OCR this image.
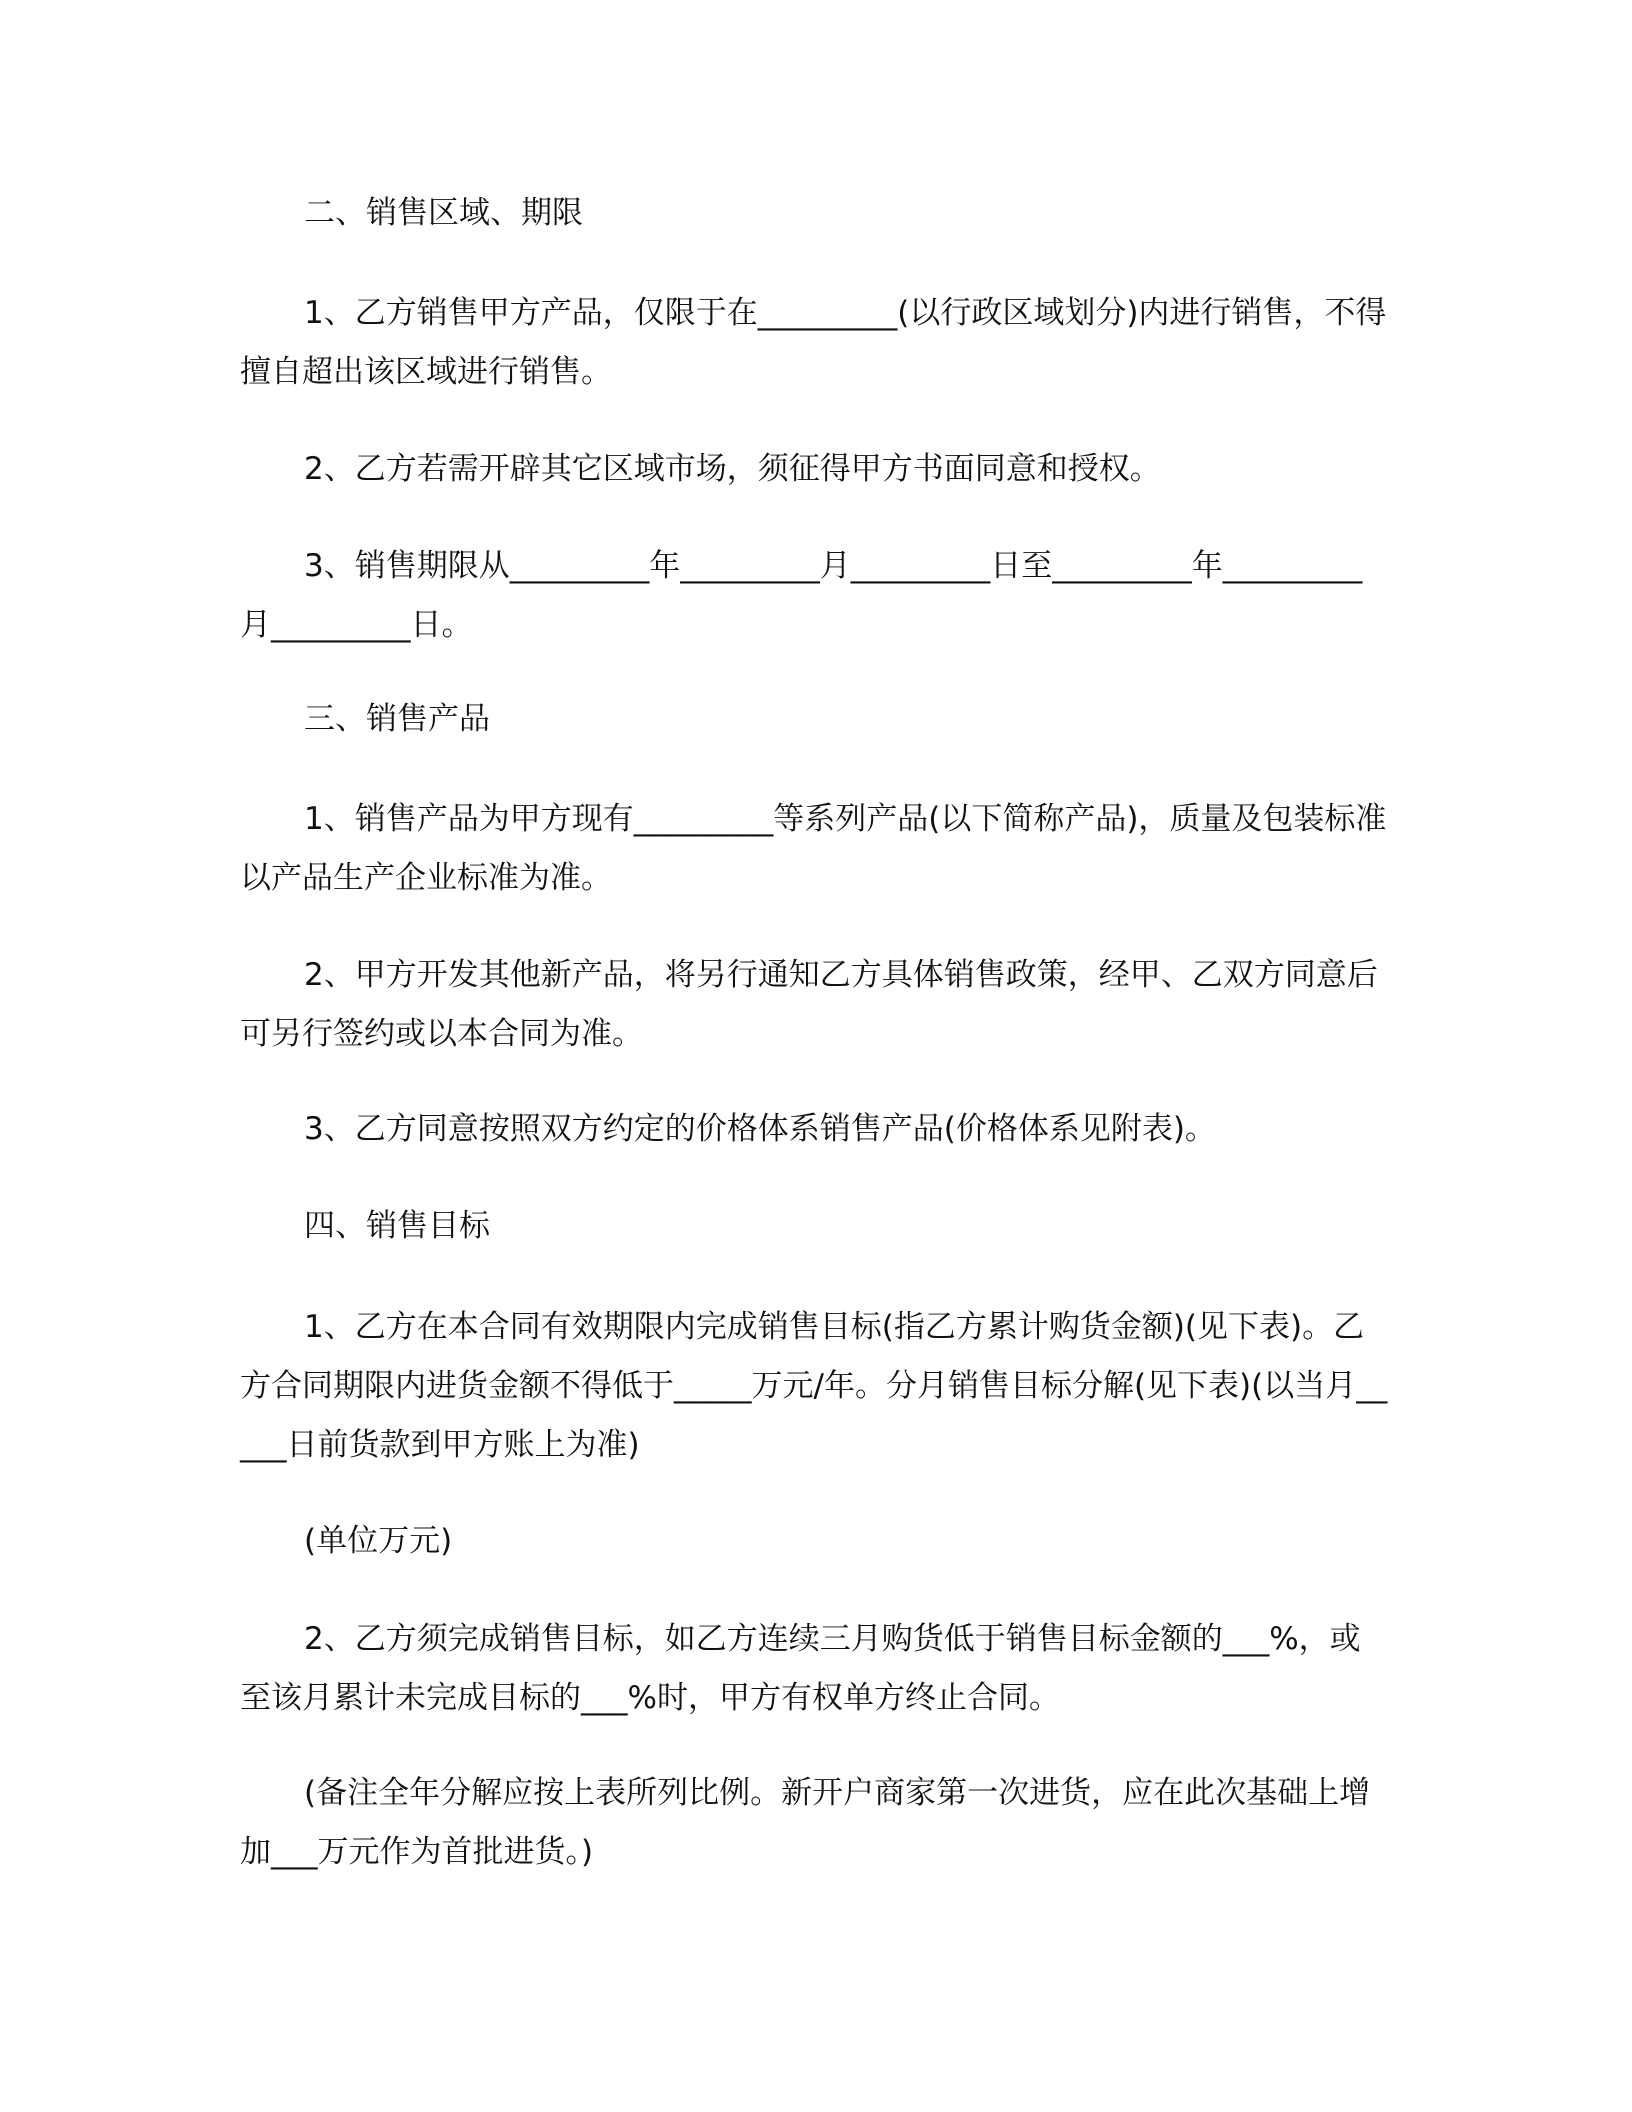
二、销售区域、期限

1、乙方销售甲方产品，仅限于在_________(以行政区域划分)内进行销售，不得擅自超出该区域进行销售。

2、乙方若需开辟其它区域市场，须征得甲方书面同意和授权。

3、销售期限从_________年_________月_________日至_________年_________月_________日。

三、销售产品

1、销售产品为甲方现有_________等系列产品(以下简称产品)，质量及包装标准以产品生产企业标准为准。

2、甲方开发其他新产品，将另行通知乙方具体销售政策，经甲、乙双方同意后可另行签约或以本合同为准。

3、乙方同意按照双方约定的价格体系销售产品(价格体系见附表)。

四、销售目标

1、乙方在本合同有效期限内完成销售目标(指乙方累计购货金额)(见下表)。乙方合同期限内进货金额不得低于_____万元/年。分月销售目标分解(见下表)(以当月_____日前货款到甲方账上为准)

(单位万元)

2、乙方须完成销售目标，如乙方连续三月购货低于销售目标金额的___%，或至该月累计未完成目标的___%时，甲方有权单方终止合同。

(备注全年分解应按上表所列比例。新开户商家第一次进货，应在此次基础上增加___万元作为首批进货。)
